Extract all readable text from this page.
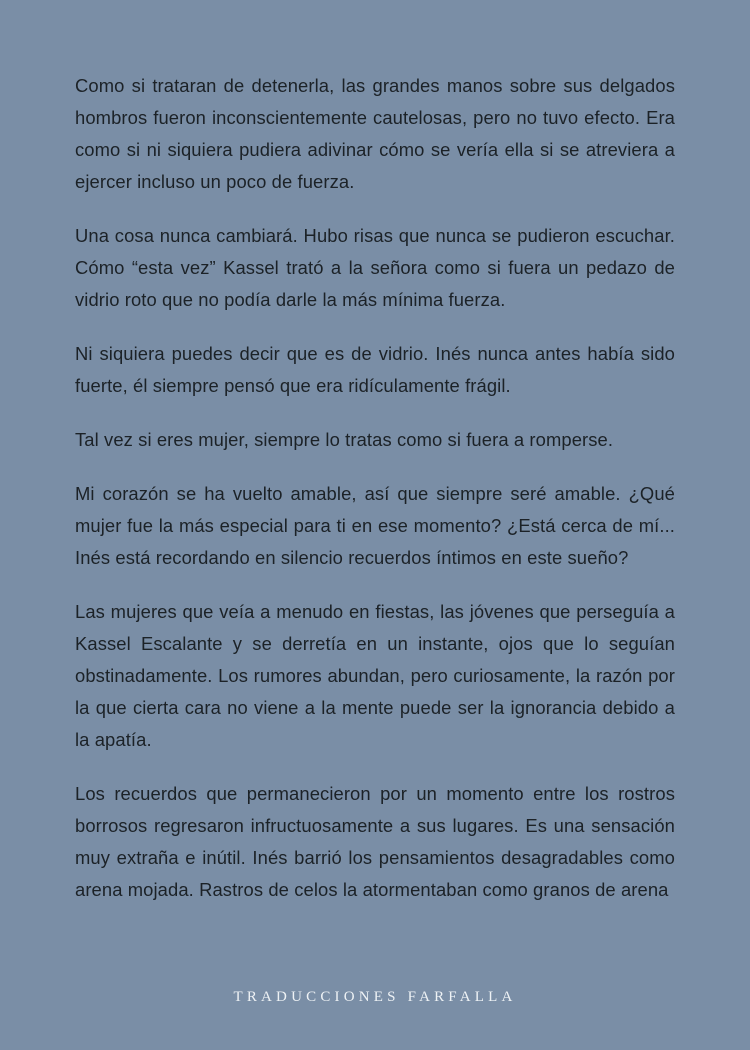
Como si trataran de detenerla, las grandes manos sobre sus delgados hombros fueron inconscientemente cautelosas, pero no tuvo efecto. Era como si ni siquiera pudiera adivinar cómo se vería ella si se atreviera a ejercer incluso un poco de fuerza.

Una cosa nunca cambiará. Hubo risas que nunca se pudieron escuchar. Cómo “esta vez” Kassel trató a la señora como si fuera un pedazo de vidrio roto que no podía darle la más mínima fuerza.

Ni siquiera puedes decir que es de vidrio. Inés nunca antes había sido fuerte, él siempre pensó que era ridículamente frágil.

Tal vez si eres mujer, siempre lo tratas como si fuera a romperse.

Mi corazón se ha vuelto amable, así que siempre seré amable. ¿Qué mujer fue la más especial para ti en ese momento? ¿Está cerca de mí... Inés está recordando en silencio recuerdos íntimos en este sueño?

Las mujeres que veía a menudo en fiestas, las jóvenes que perseguía a Kassel Escalante y se derretía en un instante, ojos que lo seguían obstinadamente. Los rumores abundan, pero curiosamente, la razón por la que cierta cara no viene a la mente puede ser la ignorancia debido a la apatía.

Los recuerdos que permanecieron por un momento entre los rostros borrosos regresaron infructuosamente a sus lugares. Es una sensación muy extraña e inútil. Inés barrió los pensamientos desagradables como arena mojada. Rastros de celos la atormentaban como granos de arena

TRADUCCIONES FARFALLA
